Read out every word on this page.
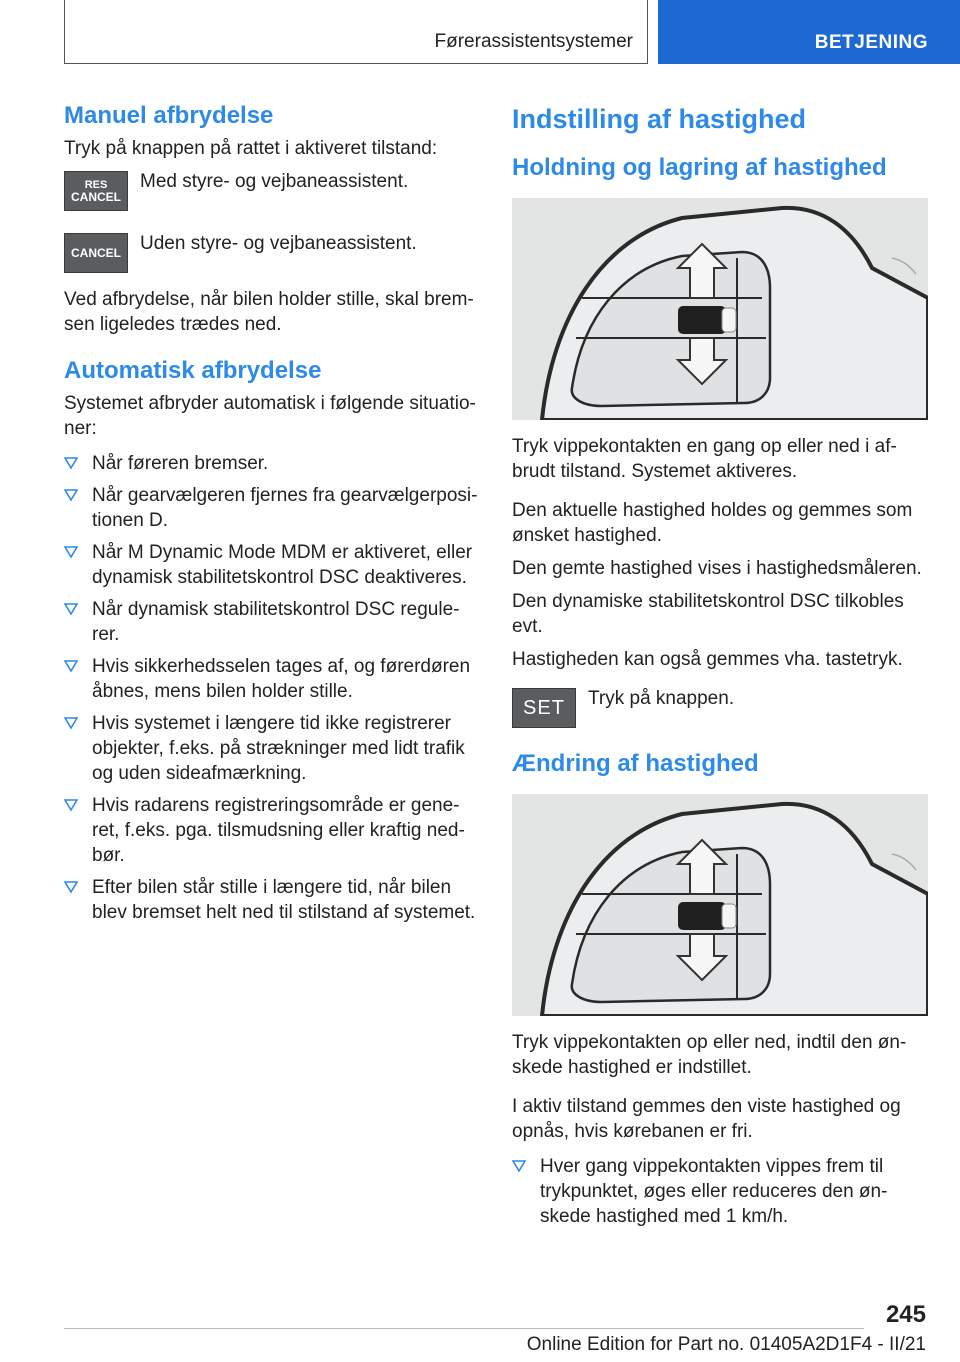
Førerassistentsystemer	BETJENING
Manuel afbrydelse

Tryk på knappen på rattet i aktiveret tilstand:

RES
CANCEL

Med styre- og vejbaneassistent.

CANCEL Uden styre- og vejbaneassistent.

Ved afbrydelse, når bilen holder stille, skal brem-sen ligeledes trædes ned.

Automatisk afbrydelse

Systemet afbryder automatisk i følgende situatio-ner:

Når føreren bremser.
Når gearvælgeren fjernes fra gearvælgerposi-tionen D.
Når M Dynamic Mode MDM er aktiveret, eller dynamisk stabilitetskontrol DSC deaktiveres.
Når dynamisk stabilitetskontrol DSC regule-rer.
Hvis sikkerhedsselen tages af, og førerdøren åbnes, mens bilen holder stille.
Hvis systemet i længere tid ikke registrerer objekter, f.eks. på strækninger med lidt trafik og uden sideafmærkning.
Hvis radarens registreringsområde er gene-ret, f.eks. pga. tilsmudsning eller kraftig ned-bør.
Efter bilen står stille i længere tid, når bilen blev bremset helt ned til stilstand af systemet.
Indstilling af hastighed
Holdning og lagring af hastighed

Tryk vippekontakten en gang op eller ned i af-brudt tilstand. Systemet aktiveres.

Den aktuelle hastighed holdes og gemmes som ønsket hastighed.

Den gemte hastighed vises i hastighedsmåleren.

Den dynamiske stabilitetskontrol DSC tilkobles evt.

Hastigheden kan også gemmes vha. tastetryk.

SET Tryk på knappen.

Ændring af hastighed

Tryk vippekontakten op eller ned, indtil den øn-skede hastighed er indstillet.

I aktiv tilstand gemmes den viste hastighed og opnås, hvis kørebanen er fri.

Hver gang vippekontakten vippes frem til trykpunktet, øges eller reduceres den øn-skede hastighed med 1 km/h.
245
Online Edition for Part no. 01405A2D1F4 - II/21
